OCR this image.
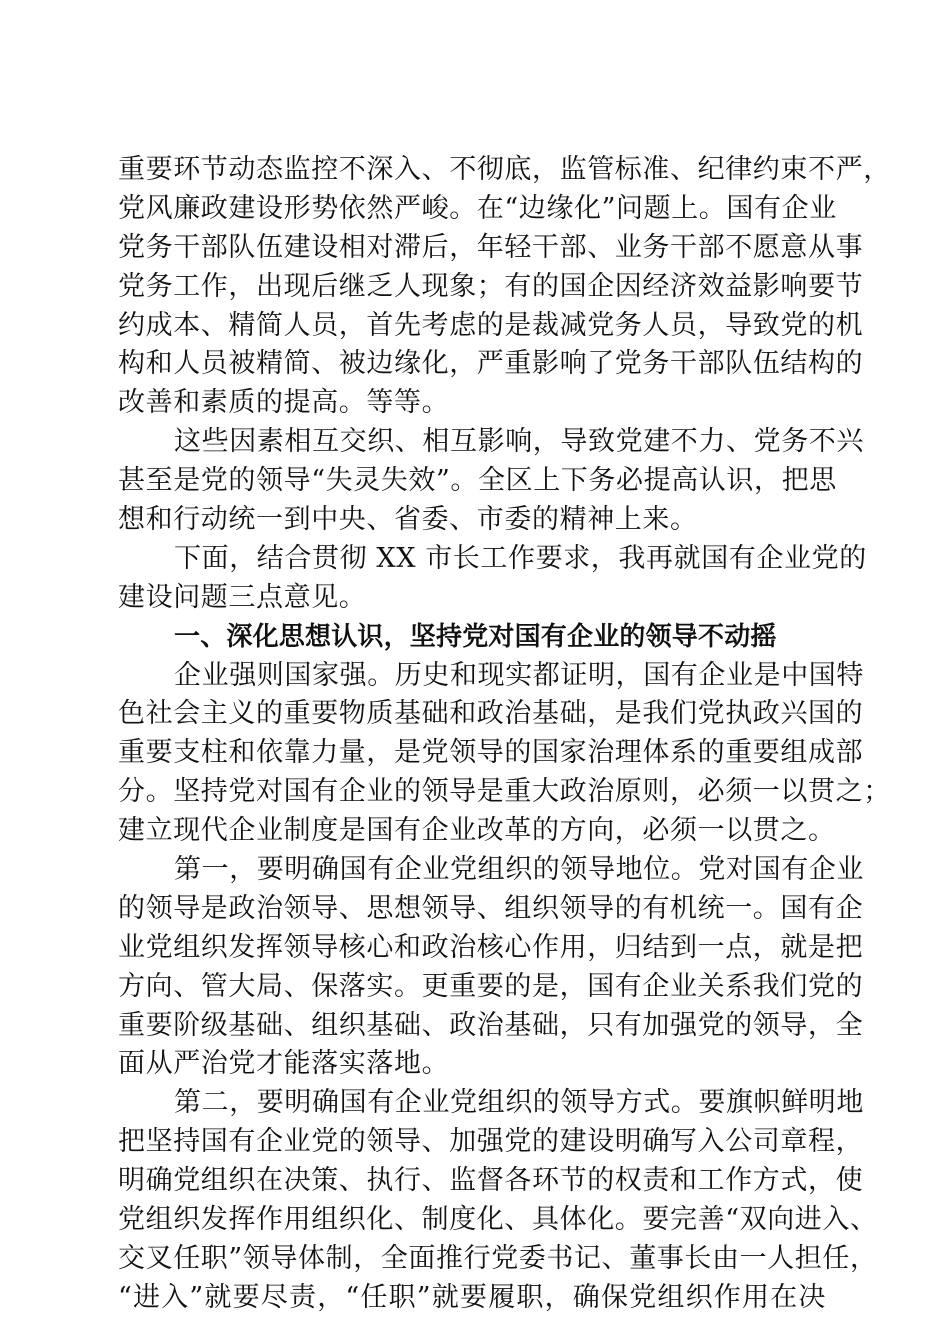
重要环节动态监控不深入、不彻底，监管标准、纪律约束不严，
党风廉政建设形势依然严峻。在“边缘化”问题上。国有企业
党务干部队伍建设相对滞后，年轻干部、业务干部不愿意从事
党务工作，出现后继乏人现象；有的国企因经济效益影响要节
约成本、精简人员，首先考虑的是裁减党务人员，导致党的机
构和人员被精简、被边缘化，严重影响了党务干部队伍结构的
改善和素质的提高。等等。
这些因素相互交织、相互影响，导致党建不力、党务不兴
甚至是党的领导“失灵失效”。全区上下务必提高认识，把思
想和行动统一到中央、省委、市委的精神上来。
下面，结合贯彻 XX 市长工作要求，我再就国有企业党的
建设问题三点意见。
一、深化思想认识，坚持党对国有企业的领导不动摇
企业强则国家强。历史和现实都证明，国有企业是中国特
色社会主义的重要物质基础和政治基础，是我们党执政兴国的
重要支柱和依靠力量，是党领导的国家治理体系的重要组成部
分。坚持党对国有企业的领导是重大政治原则，必须一以贯之；
建立现代企业制度是国有企业改革的方向，必须一以贯之。
第一，要明确国有企业党组织的领导地位。党对国有企业
的领导是政治领导、思想领导、组织领导的有机统一。国有企
业党组织发挥领导核心和政治核心作用，归结到一点，就是把
方向、管大局、保落实。更重要的是，国有企业关系我们党的
重要阶级基础、组织基础、政治基础，只有加强党的领导，全
面从严治党才能落实落地。
第二，要明确国有企业党组织的领导方式。要旗帜鲜明地
把坚持国有企业党的领导、加强党的建设明确写入公司章程，
明确党组织在决策、执行、监督各环节的权责和工作方式，使
党组织发挥作用组织化、制度化、具体化。要完善“双向进入、
交叉任职”领导体制，全面推行党委书记、董事长由一人担任，
“进入”就要尽责，“任职”就要履职，确保党组织作用在决
